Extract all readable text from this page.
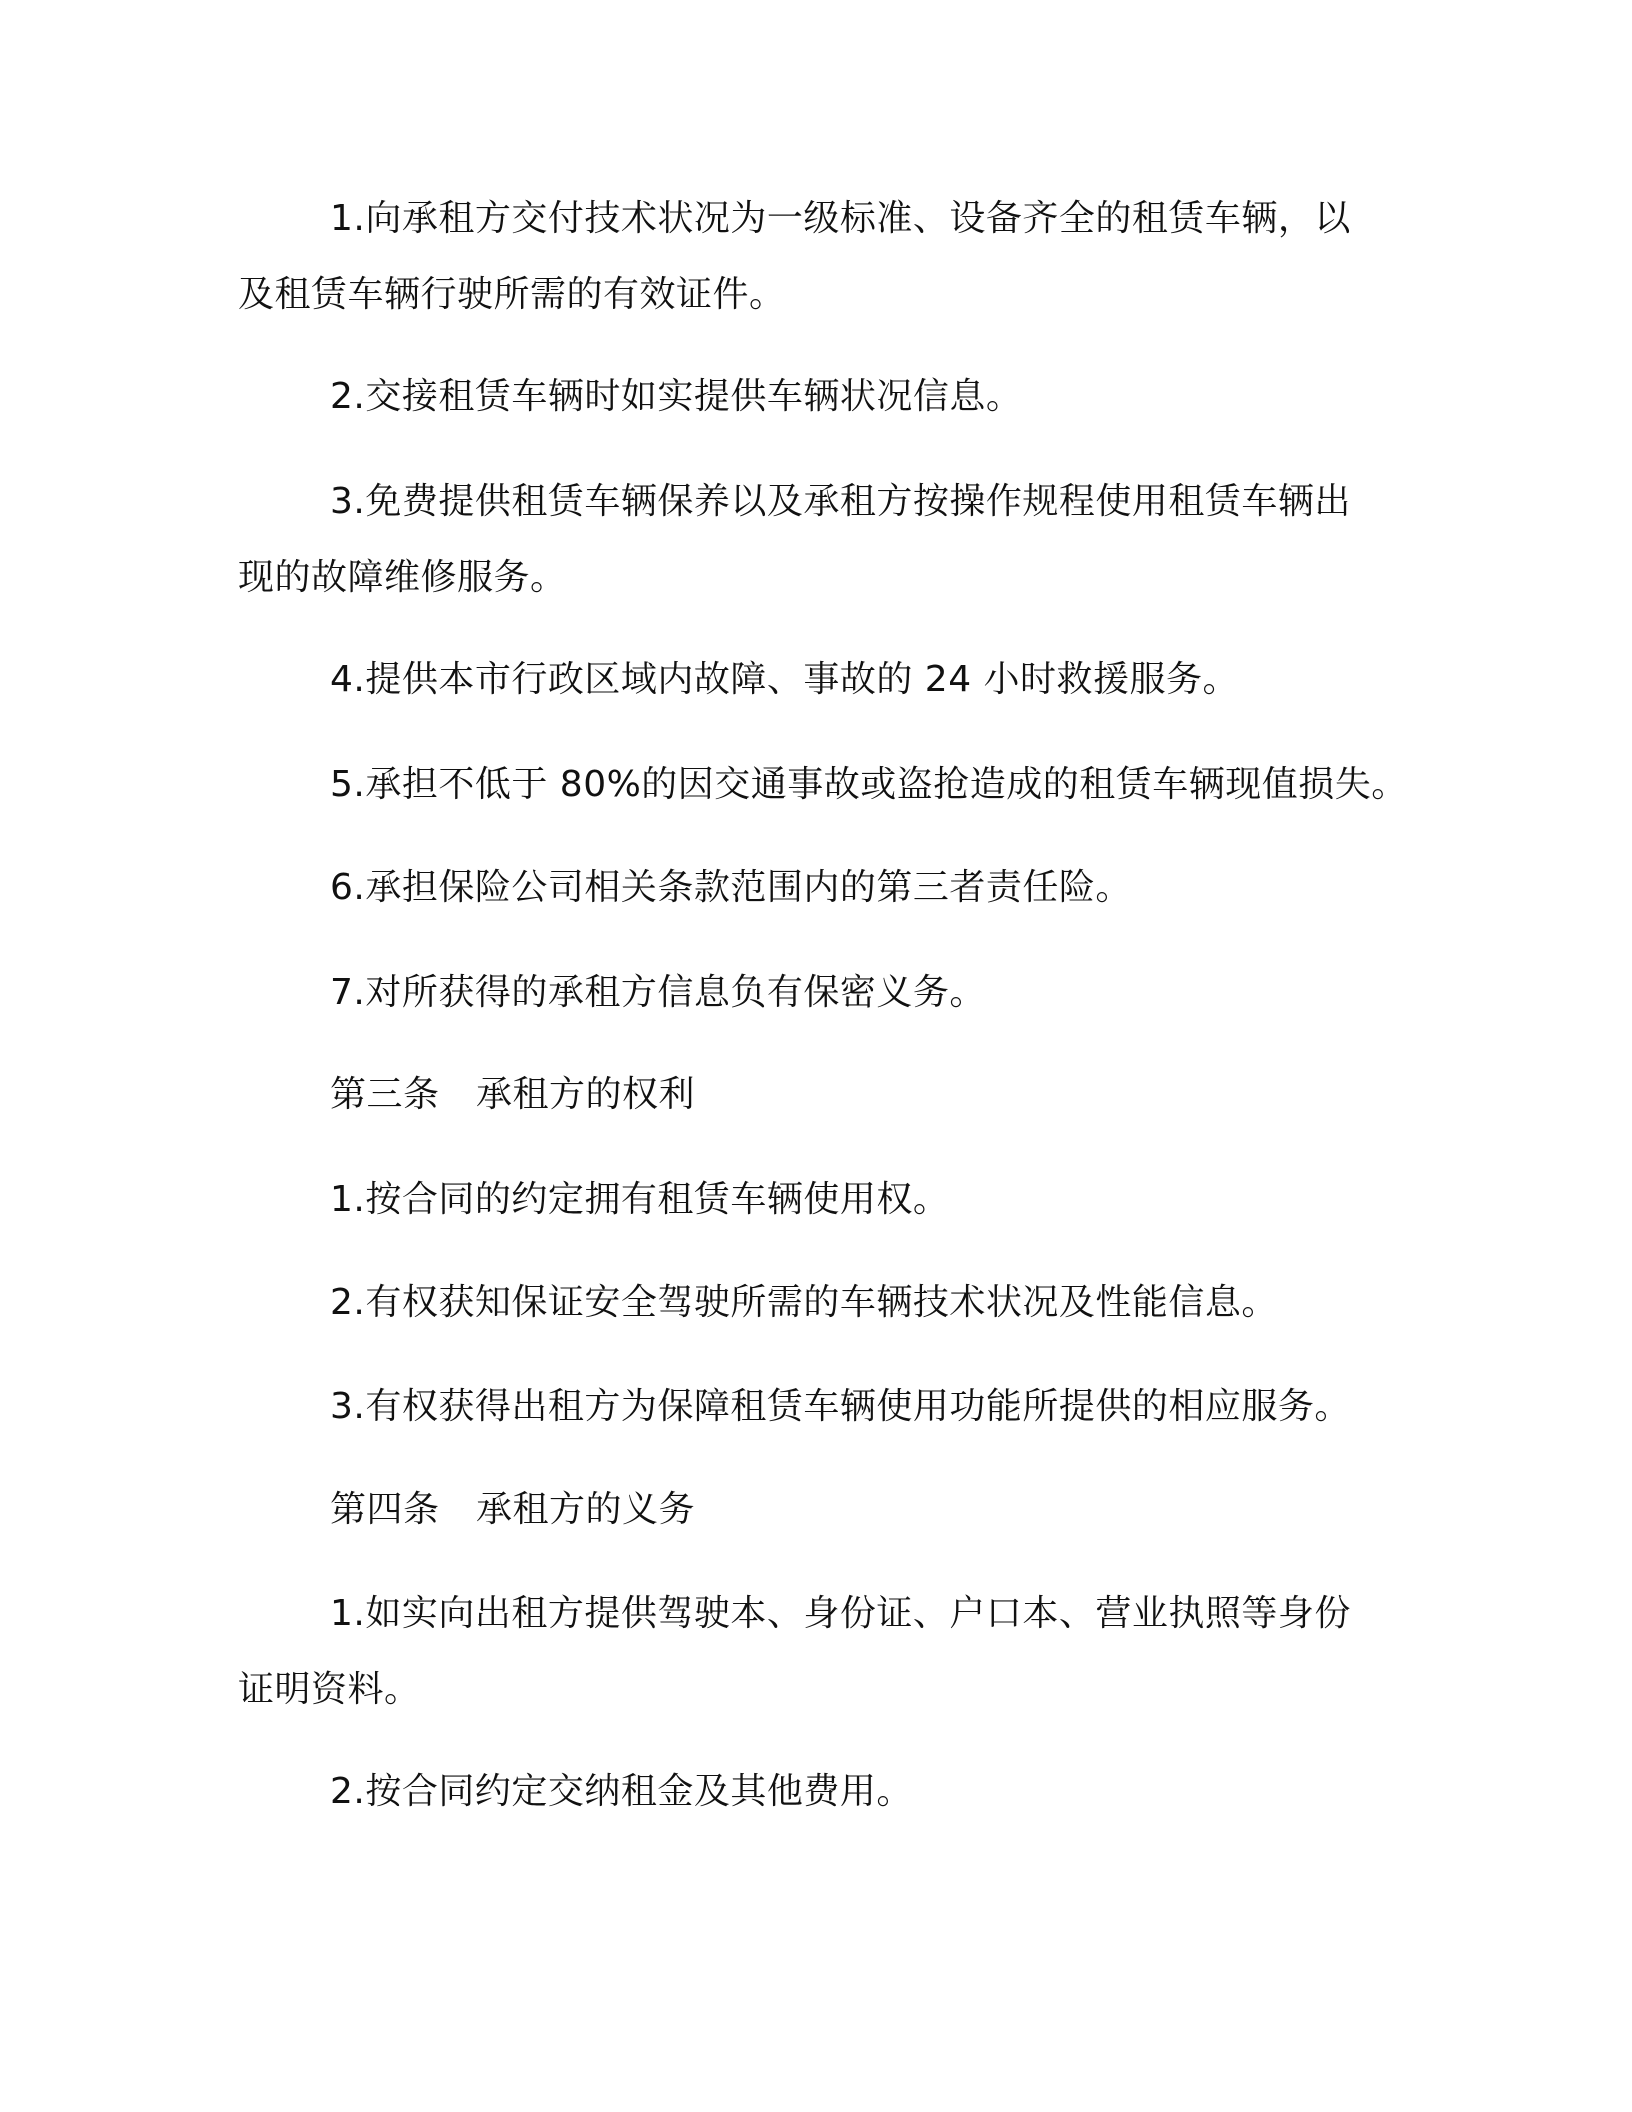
1.向承租方交付技术状况为一级标准、设备齐全的租赁车辆，以
及租赁车辆行驶所需的有效证件。
2.交接租赁车辆时如实提供车辆状况信息。
3.免费提供租赁车辆保养以及承租方按操作规程使用租赁车辆出
现的故障维修服务。
4.提供本市行政区域内故障、事故的 24 小时救援服务。
5.承担不低于 80%的因交通事故或盗抢造成的租赁车辆现值损失。
6.承担保险公司相关条款范围内的第三者责任险。
7.对所获得的承租方信息负有保密义务。
第三条　承租方的权利
1.按合同的约定拥有租赁车辆使用权。
2.有权获知保证安全驾驶所需的车辆技术状况及性能信息。
3.有权获得出租方为保障租赁车辆使用功能所提供的相应服务。
第四条　承租方的义务
1.如实向出租方提供驾驶本、身份证、户口本、营业执照等身份
证明资料。
2.按合同约定交纳租金及其他费用。
